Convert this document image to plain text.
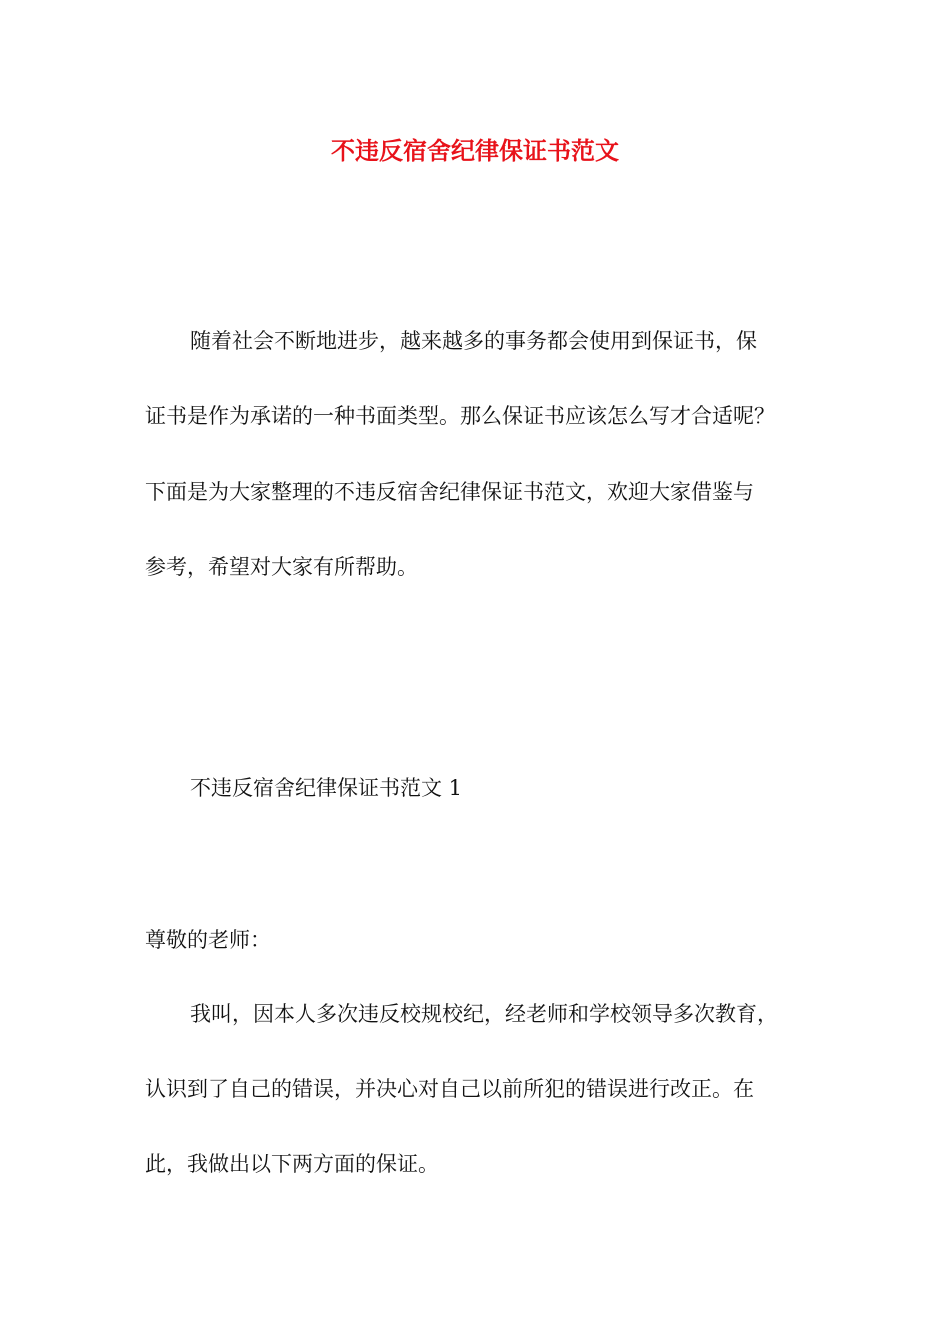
不违反宿舍纪律保证书范文
随着社会不断地进步，越来越多的事务都会使用到保证书，保
证书是作为承诺的一种书面类型。那么保证书应该怎么写才合适呢？
下面是为大家整理的不违反宿舍纪律保证书范文，欢迎大家借鉴与
参考，希望对大家有所帮助。
不违反宿舍纪律保证书范文 1
尊敬的老师：
我叫，因本人多次违反校规校纪，经老师和学校领导多次教育，
认识到了自己的错误，并决心对自己以前所犯的错误进行改正。在
此，我做出以下两方面的保证。
